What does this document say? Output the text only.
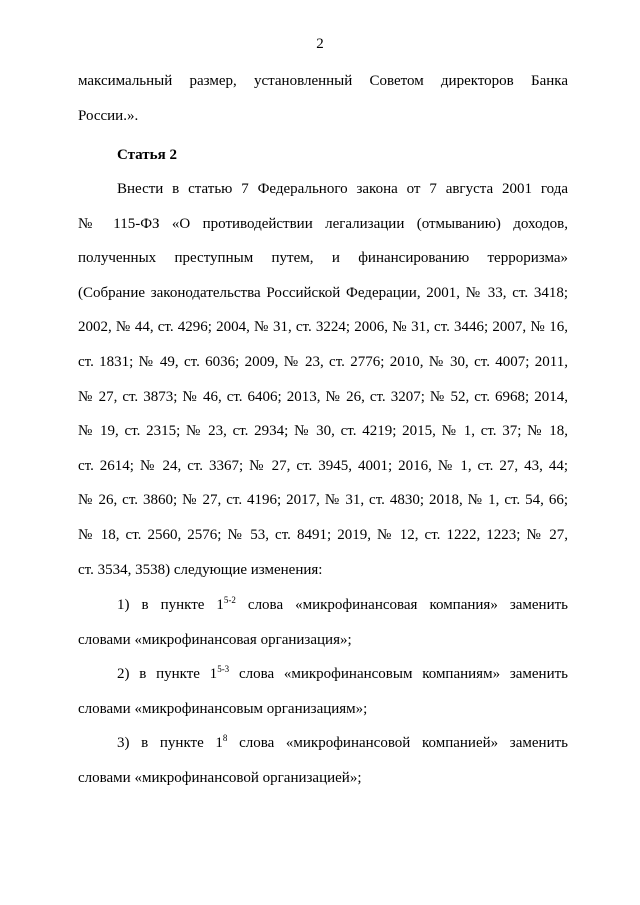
2
максимальный размер, установленный Советом директоров Банка
России.».
Статья 2
Внести в статью 7 Федерального закона от 7 августа 2001 года
№ 115-ФЗ «О противодействии легализации (отмыванию) доходов,
полученных преступным путем, и финансированию терроризма»
(Собрание законодательства Российской Федерации, 2001, № 33, ст. 3418;
2002, № 44, ст. 4296; 2004, № 31, ст. 3224; 2006, № 31, ст. 3446; 2007, № 16,
ст. 1831; № 49, ст. 6036; 2009, № 23, ст. 2776; 2010, № 30, ст. 4007; 2011,
№ 27, ст. 3873; № 46, ст. 6406; 2013, № 26, ст. 3207; № 52, ст. 6968; 2014,
№ 19, ст. 2315; № 23, ст. 2934; № 30, ст. 4219; 2015, № 1, ст. 37; № 18,
ст. 2614; № 24, ст. 3367; № 27, ст. 3945, 4001; 2016, № 1, ст. 27, 43, 44;
№ 26, ст. 3860; № 27, ст. 4196; 2017, № 31, ст. 4830; 2018, № 1, ст. 54, 66;
№ 18, ст. 2560, 2576; № 53, ст. 8491; 2019, № 12, ст. 1222, 1223; № 27,
ст. 3534, 3538) следующие изменения:
1) в пункте 1$^{5-2}$ слова «микрофинансовая компания» заменить
словами «микрофинансовая организация»;
2) в пункте 1$^{5-3}$ слова «микрофинансовым компаниям» заменить
словами «микрофинансовым организациям»;
3) в пункте $1^8$ слова «микрофинансовой компанией» заменить
словами «микрофинансовой организацией»;
